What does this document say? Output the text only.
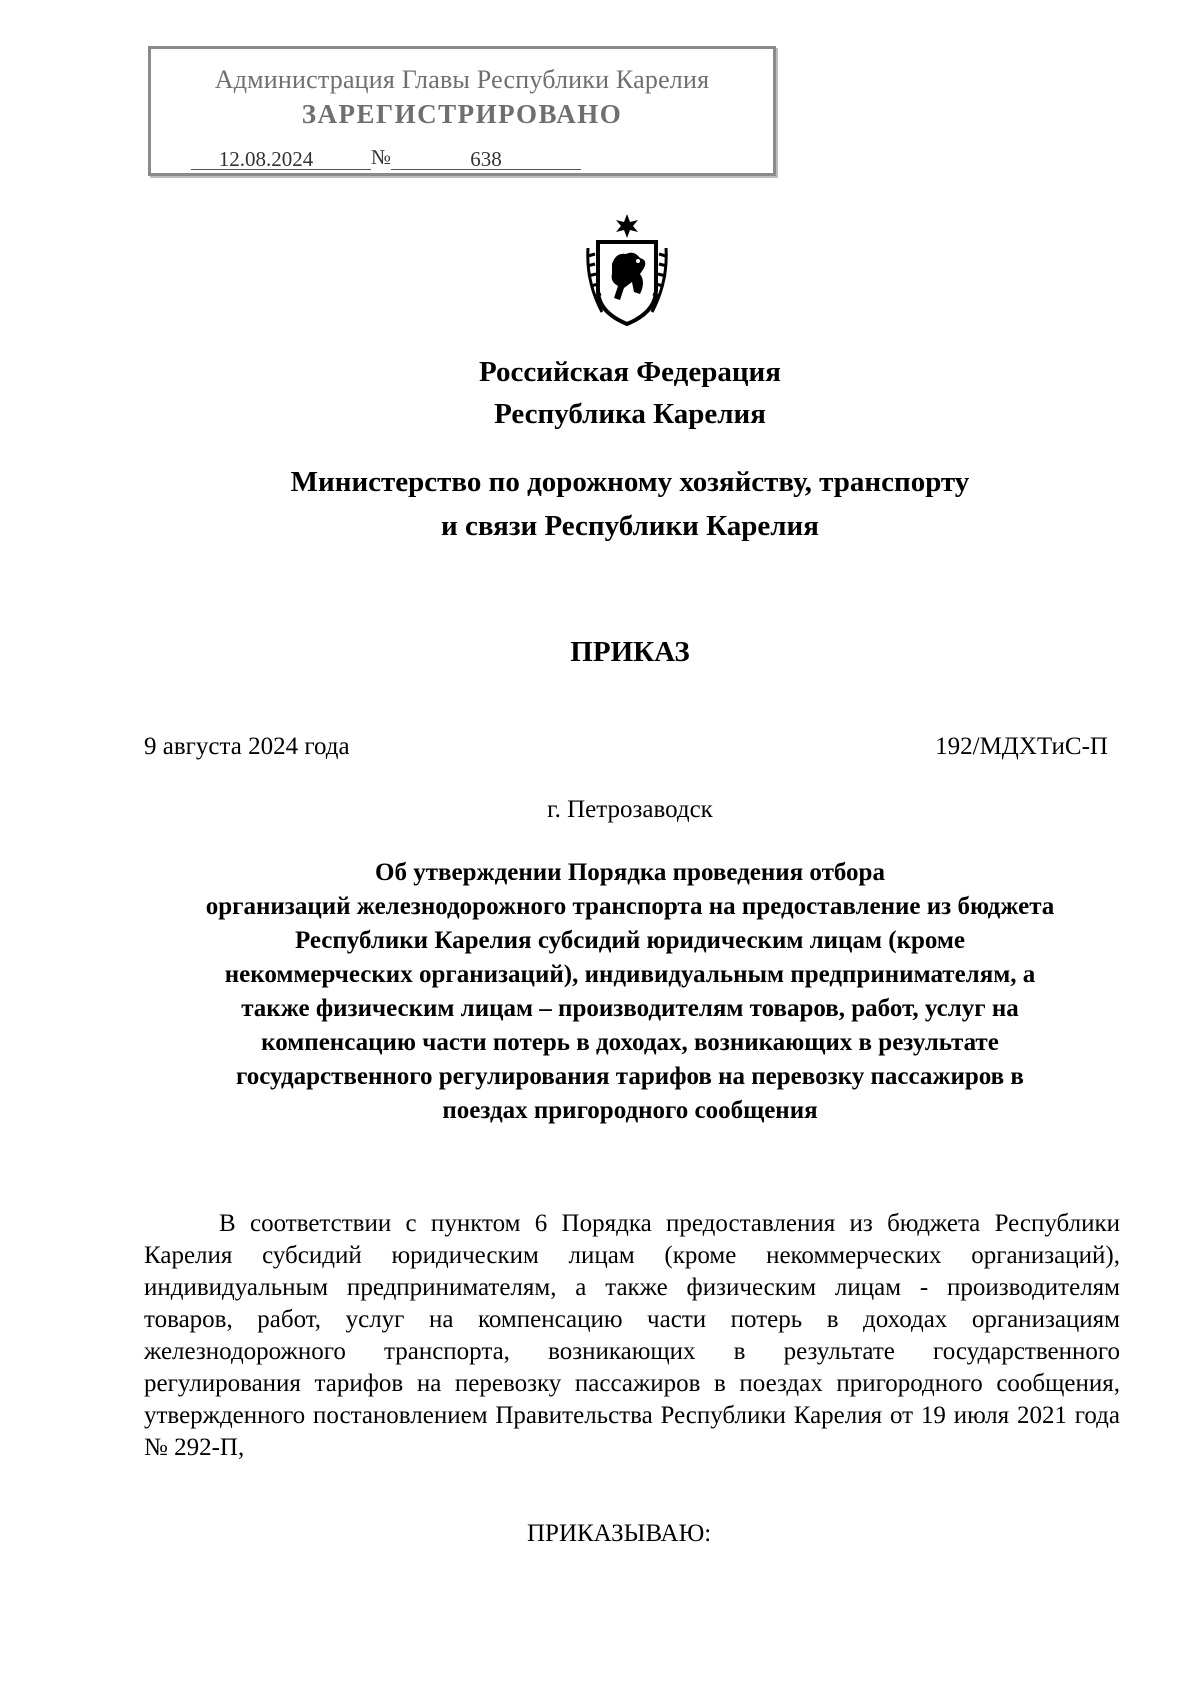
Администрация Главы Республики Карелия
ЗАРЕГИСТРИРОВАНО
12.08.2024	№	638
Российская Федерация
Республика Карелия
Министерство по дорожному хозяйству, транспорту
и связи Республики Карелия
ПРИКАЗ
9 августа 2024 года	192/МДХТиС-П
г. Петрозаводск
Об утверждении Порядка проведения отбора
организаций железнодорожного транспорта на предоставление из бюджета
Республики Карелия субсидий юридическим лицам (кроме
некоммерческих организаций), индивидуальным предпринимателям, а
также физическим лицам – производителям товаров, работ, услуг на
компенсацию части потерь в доходах, возникающих в результате
государственного регулирования тарифов на перевозку пассажиров в
поездах пригородного сообщения
В соответствии с пунктом 6 Порядка предоставления из бюджета Республики Карелия субсидий юридическим лицам (кроме некоммерческих организаций), индивидуальным предпринимателям, а также физическим лицам - производителям товаров, работ, услуг на компенсацию части потерь в доходах организациям железнодорожного транспорта, возникающих в результате государственного регулирования тарифов на перевозку пассажиров в поездах пригородного сообщения, утвержденного постановлением Правительства Республики Карелия от 19 июля 2021 года № 292-П,
ПРИКАЗЫВАЮ:
